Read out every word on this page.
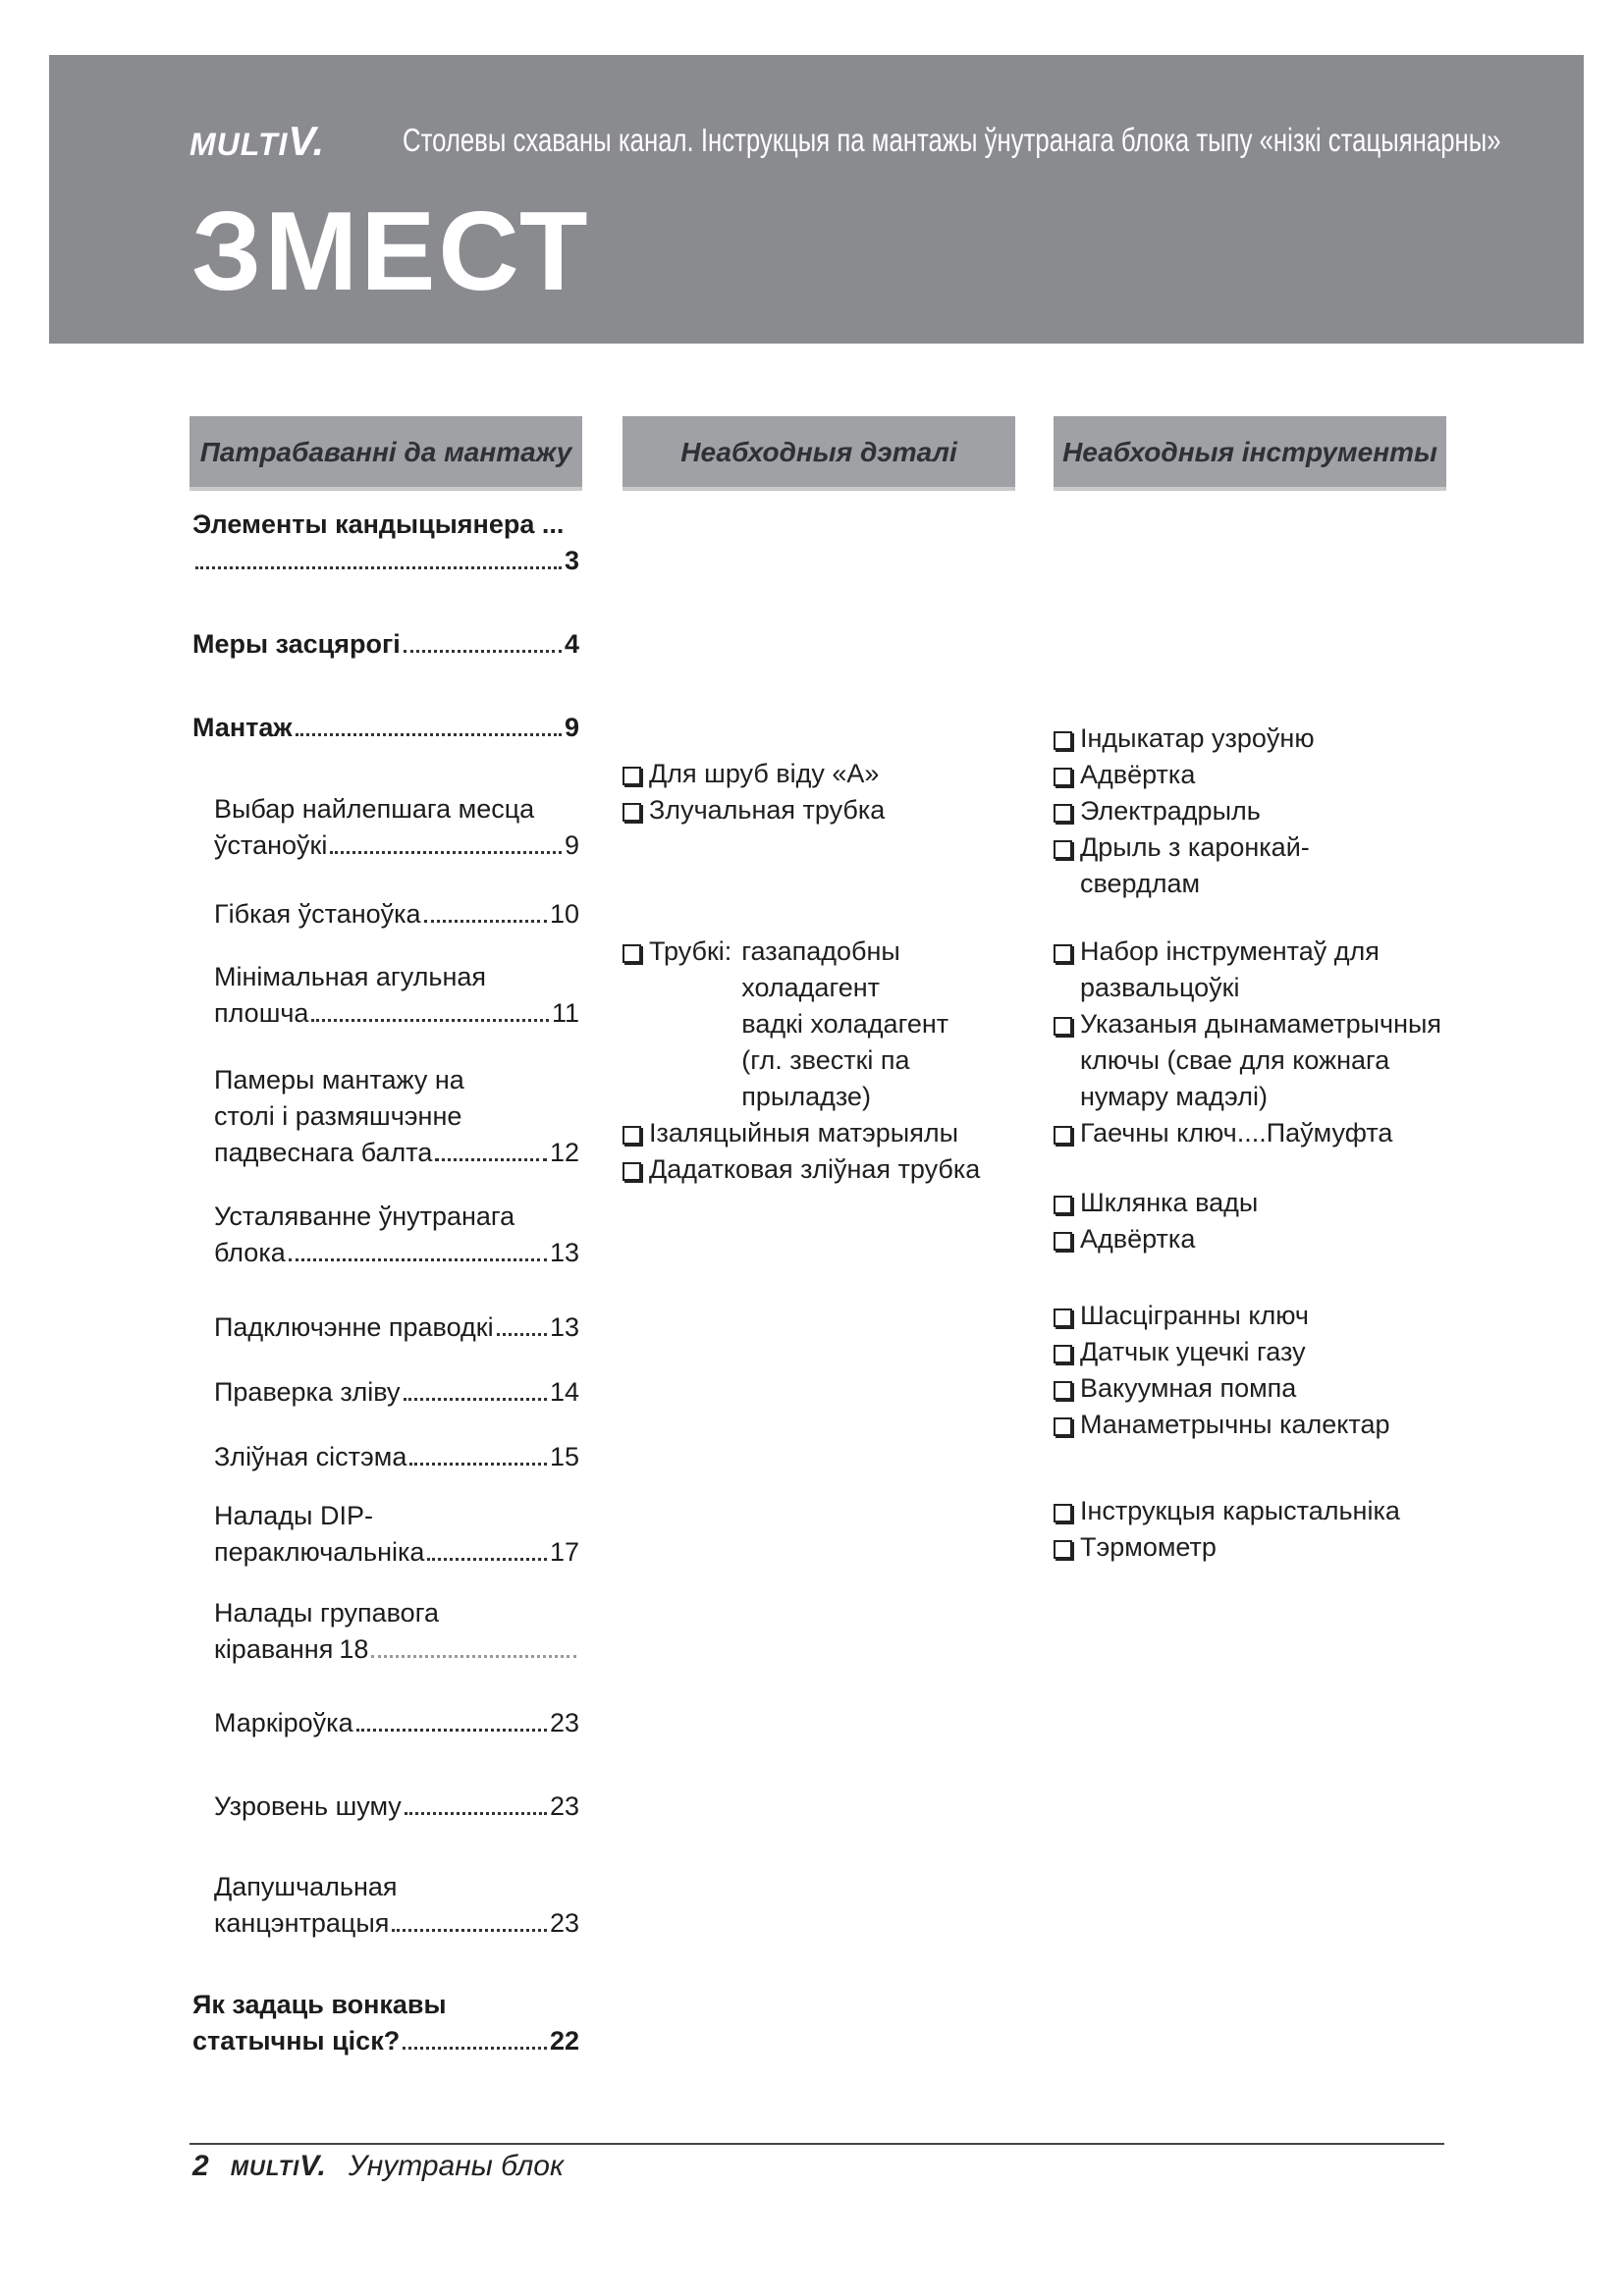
MULTIV. Столевы схаваны канал. Інструкцыя па мантажы ўнутранага блока тыпу «нізкі стацыянарны»
ЗМЕСТ
Патрабаванні да мантажу	Неабходныя дэталі	Неабходныя інструменты
Элементы кандыцыянера ...
3
Меры засцярогі	4
Мантаж	9
Выбар найлепшага месца
ўстаноўкі	9
Гібкая ўстаноўка	10
Мінімальная агульная
плошча	11
Памеры мантажу на
столі і размяшчэнне
падвеснага балта	12
Усталяванне ўнутранага
блока	13
Падключэнне праводкі 13
Праверка зліву	14
Зліўная сістэма	15
Налады DIP-
пераключальніка	17
Налады групавога
кіравання 18
Маркіроўка	23
Узровень шуму	23
Дапушчальная
канцэнтрацыя	23
Як задаць вонкавы
статычны ціск?	22
Для шруб віду «A»
Злучальная трубка
Трубкі: газападобны
холадагент
вадкі холадагент
(гл. звесткі па
прыладзе)
Ізаляцыйныя матэрыялы
Дадатковая зліўная трубка
Індыкатар узроўню
Адвёртка
Электрадрыль
Дрыль з каронкай-
свердлам
Набор інструментаў для
развальцоўкі
Указаныя дынамаметрычныя
ключы (свае для кожнага
нумару мадэлі)
Гаечны ключ....Паўмуфта
Шклянка вады
Адвёртка
Шасцігранны ключ
Датчык уцечкі газу
Вакуумная помпа
Манаметрычны калектар
Інструкцыя карыстальніка
Тэрмометр
2 MULTIV. Унутраны блок
